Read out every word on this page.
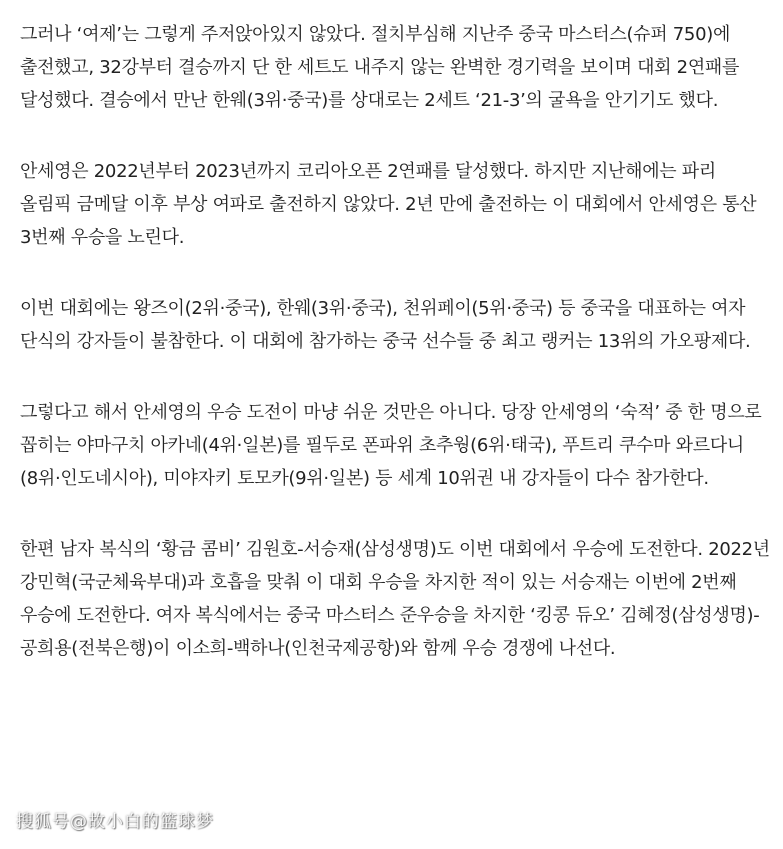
그러나 ‘여제’는 그렇게 주저앉아있지 않았다. 절치부심해 지난주 중국 마스터스(슈퍼 750)에 출전했고, 32강부터 결승까지 단 한 세트도 내주지 않는 완벽한 경기력을 보이며 대회 2연패를 달성했다. 결승에서 만난 한웨(3위·중국)를 상대로는 2세트 ‘21-3’의 굴욕을 안기기도 했다.

안세영은 2022년부터 2023년까지 코리아오픈 2연패를 달성했다. 하지만 지난해에는 파리 올림픽 금메달 이후 부상 여파로 출전하지 않았다. 2년 만에 출전하는 이 대회에서 안세영은 통산 3번째 우승을 노린다.

이번 대회에는 왕즈이(2위·중국), 한웨(3위·중국), 천위페이(5위·중국) 등 중국을 대표하는 여자 단식의 강자들이 불참한다. 이 대회에 참가하는 중국 선수들 중 최고 랭커는 13위의 가오팡제다.

그렇다고 해서 안세영의 우승 도전이 마냥 쉬운 것만은 아니다. 당장 안세영의 ‘숙적’ 중 한 명으로 꼽히는 야마구치 아카네(4위·일본)를 필두로 폰파위 초추웡(6위·태국), 푸트리 쿠수마 와르다니(8위·인도네시아), 미야자키 토모카(9위·일본) 등 세계 10위권 내 강자들이 다수 참가한다.

한편 남자 복식의 ‘황금 콤비’ 김원호-서승재(삼성생명)도 이번 대회에서 우승에 도전한다. 2022년 강민혁(국군체육부대)과 호흡을 맞춰 이 대회 우승을 차지한 적이 있는 서승재는 이번에 2번째 우승에 도전한다. 여자 복식에서는 중국 마스터스 준우승을 차지한 ‘킹콩 듀오’ 김혜정(삼성생명)-공희용(전북은행)이 이소희-백하나(인천국제공항)와 함께 우승 경쟁에 나선다.

搜狐号@故小白的篮球梦
